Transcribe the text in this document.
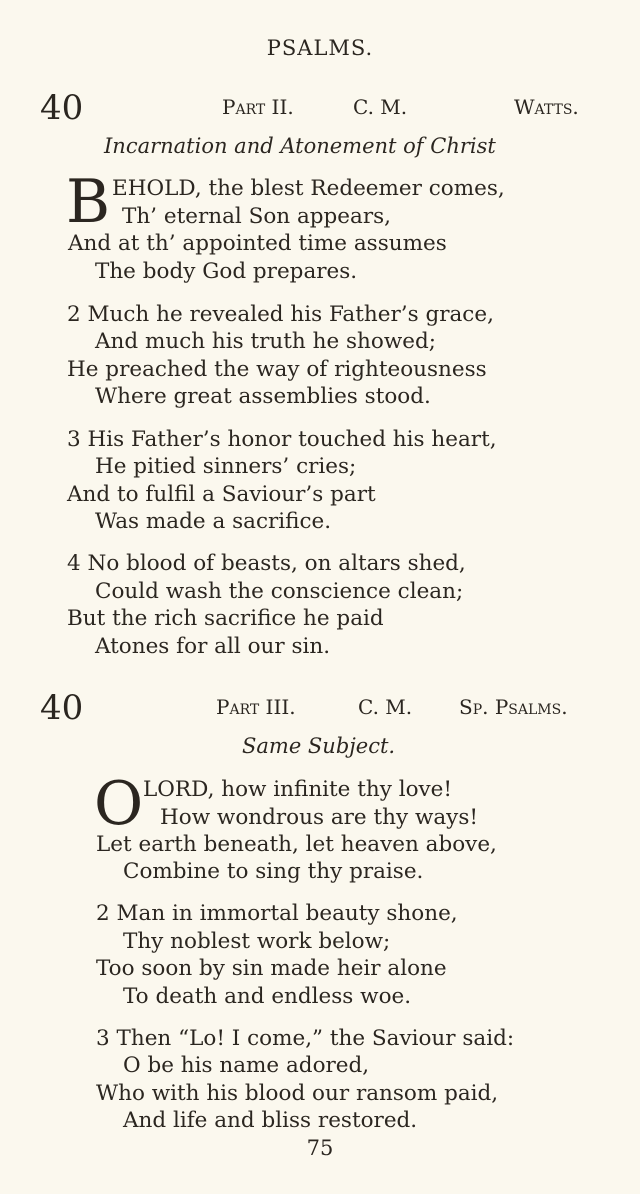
PSALMS.
40	Part II.	C. M.	Watts.
Incarnation and Atonement of Christ
B EHOLD, the blest Redeemer comes,
Th’ eternal Son appears,
And at th’ appointed time assumes
The body God prepares.
2 Much he revealed his Father’s grace,
And much his truth he showed;
He preached the way of righteousness
Where great assemblies stood.
3 His Father’s honor touched his heart,
He pitied sinners’ cries;
And to fulfil a Saviour’s part
Was made a sacrifice.
4 No blood of beasts, on altars shed,
Could wash the conscience clean;
But the rich sacrifice he paid
Atones for all our sin.
40	Part III.	C. M. Sp. Psalms.
Same Subject.
O LORD, how infinite thy love!
How wondrous are thy ways!
Let earth beneath, let heaven above,
Combine to sing thy praise.
2 Man in immortal beauty shone,
Thy noblest work below;
Too soon by sin made heir alone
To death and endless woe.
3 Then “Lo! I come,” the Saviour said:
O be his name adored,
Who with his blood our ransom paid,
And life and bliss restored.
75
